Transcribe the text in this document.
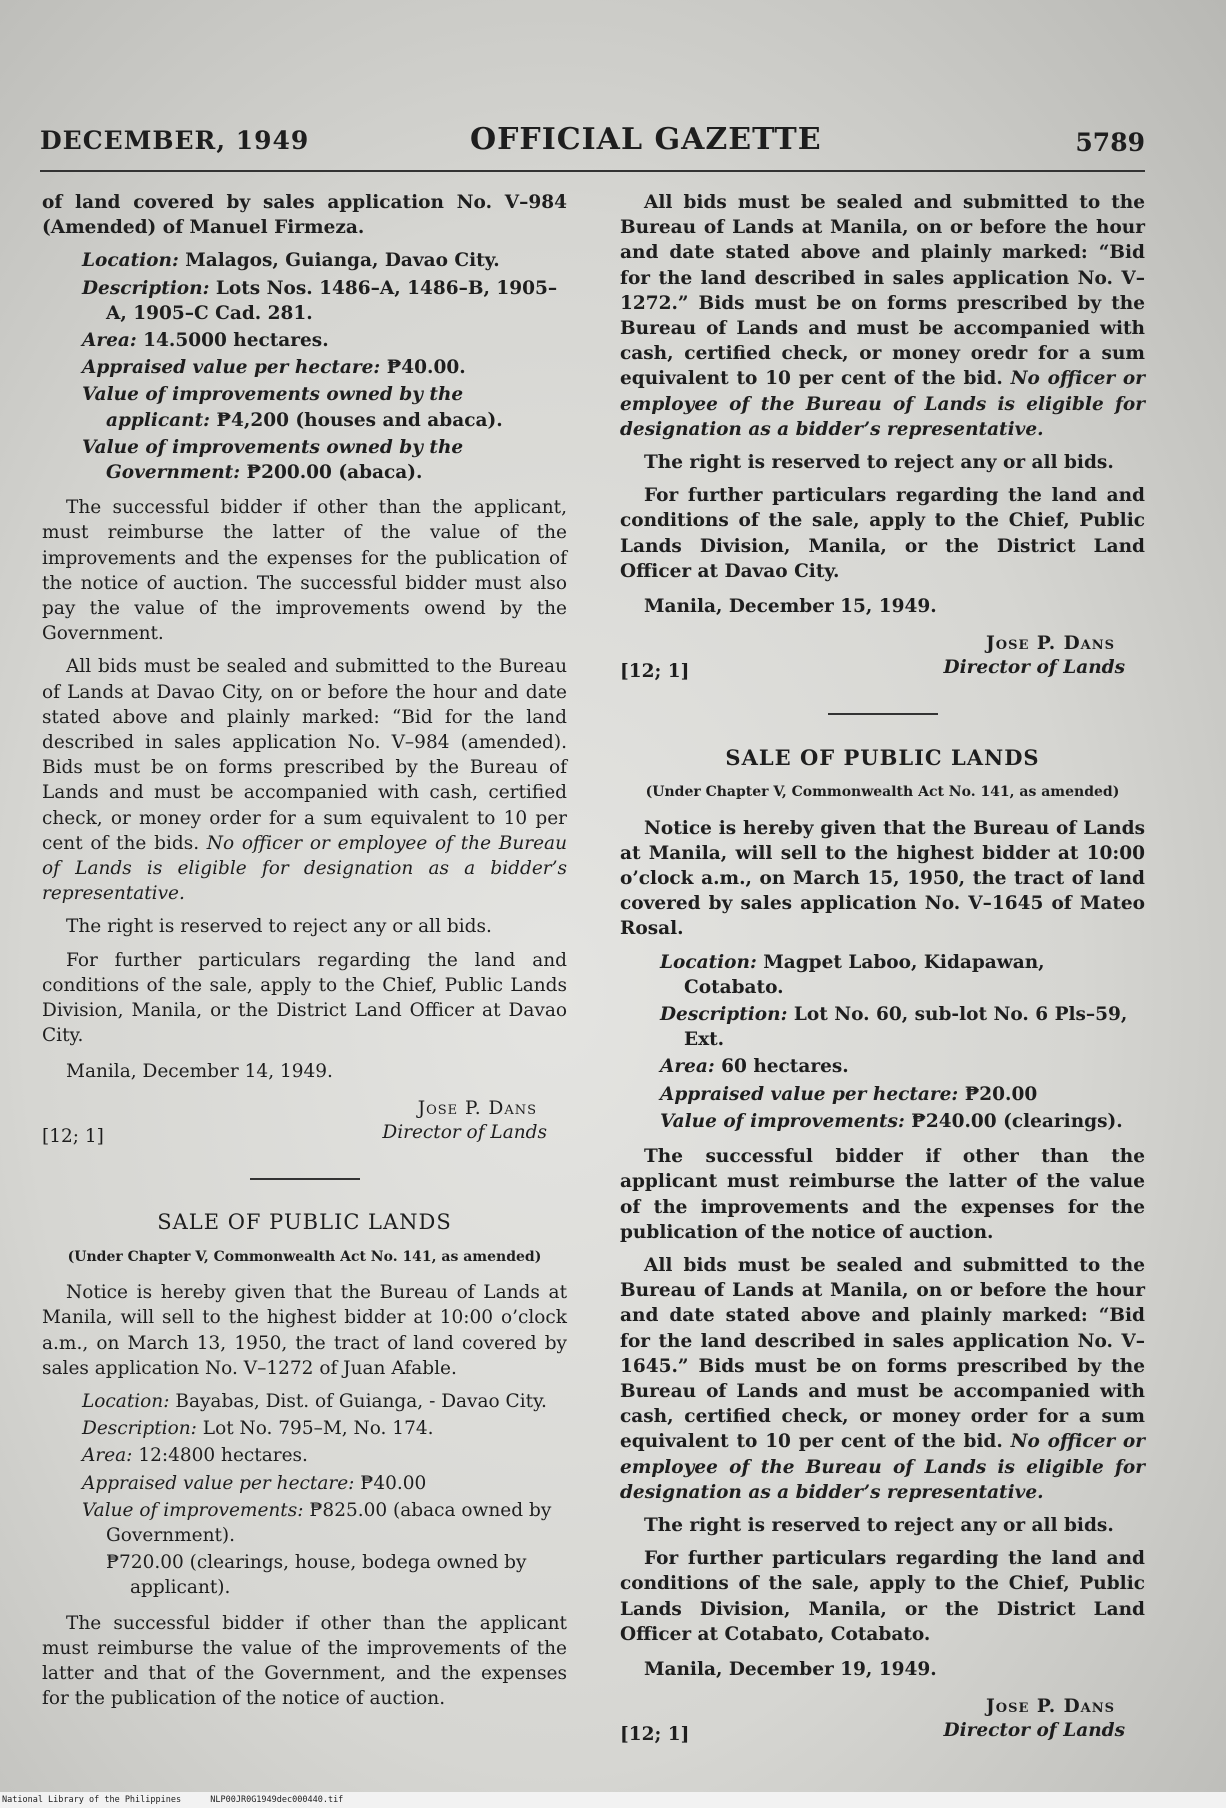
DECEMBER, 1949	OFFICIAL GAZETTE	5789

of land covered by sales application No. V–984 (Amended) of Manuel Firmeza.

Location: Malagos, Guianga, Davao City.
Description: Lots Nos. 1486–A, 1486–B, 1905–A, 1905–C Cad. 281.
Area: 14.5000 hectares.
Appraised value per hectare: ₱40.00.
Value of improvements owned by the applicant: ₱4,200 (houses and abaca).
Value of improvements owned by the Government: ₱200.00 (abaca).

The successful bidder if other than the applicant, must reimburse the latter of the value of the improvements and the expenses for the publication of the notice of auction. The successful bidder must also pay the value of the improvements owend by the Government.

All bids must be sealed and submitted to the Bureau of Lands at Davao City, on or before the hour and date stated above and plainly marked: “Bid for the land described in sales application No. V–984 (amended). Bids must be on forms prescribed by the Bureau of Lands and must be accompanied with cash, certified check, or money order for a sum equivalent to 10 per cent of the bids. No officer or employee of the Bureau of Lands is eligible for designation as a bidder’s representative.

The right is reserved to reject any or all bids.

For further particulars regarding the land and conditions of the sale, apply to the Chief, Public Lands Division, Manila, or the District Land Officer at Davao City.

Manila, December 14, 1949.
Jose P. Dans
Director of Lands
[12; 1]
SALE OF PUBLIC LANDS
(Under Chapter V, Commonwealth Act No. 141, as amended)

Notice is hereby given that the Bureau of Lands at Manila, will sell to the highest bidder at 10:00 o’clock a.m., on March 13, 1950, the tract of land covered by sales application No. V–1272 of Juan Afable.

Location: Bayabas, Dist. of Guianga, ‑ Davao City.
Description: Lot No. 795–M, No. 174.
Area: 12:4800 hectares.
Appraised value per hectare: ₱40.00
Value of improvements: ₱825.00 (abaca owned by Government).
₱720.00 (clearings, house, bodega owned by applicant).

The successful bidder if other than the applicant must reimburse the value of the improvements of the latter and that of the Government, and the expenses for the publication of the notice of auction.

All bids must be sealed and submitted to the Bureau of Lands at Manila, on or before the hour and date stated above and plainly marked: “Bid for the land described in sales application No. V–1272.” Bids must be on forms prescribed by the Bureau of Lands and must be accompanied with cash, certified check, or money oredr for a sum equivalent to 10 per cent of the bid. No officer or employee of the Bureau of Lands is eligible for designation as a bidder’s representative.

The right is reserved to reject any or all bids.

For further particulars regarding the land and conditions of the sale, apply to the Chief, Public Lands Division, Manila, or the District Land Officer at Davao City.

Manila, December 15, 1949.
Jose P. Dans
Director of Lands
[12; 1]
SALE OF PUBLIC LANDS
(Under Chapter V, Commonwealth Act No. 141, as amended)

Notice is hereby given that the Bureau of Lands at Manila, will sell to the highest bidder at 10:00 o’clock a.m., on March 15, 1950, the tract of land covered by sales application No. V–1645 of Mateo Rosal.

Location: Magpet Laboo, Kidapawan, Cotabato.
Description: Lot No. 60, sub-lot No. 6 Pls–59, Ext.
Area: 60 hectares.
Appraised value per hectare: ₱20.00
Value of improvements: ₱240.00 (clearings).

The successful bidder if other than the applicant must reimburse the latter of the value of the improvements and the expenses for the publication of the notice of auction.

All bids must be sealed and submitted to the Bureau of Lands at Manila, on or before the hour and date stated above and plainly marked: “Bid for the land described in sales application No. V–1645.” Bids must be on forms prescribed by the Bureau of Lands and must be accompanied with cash, certified check, or money order for a sum equivalent to 10 per cent of the bid. No officer or employee of the Bureau of Lands is eligible for designation as a bidder’s representative.

The right is reserved to reject any or all bids.

For further particulars regarding the land and conditions of the sale, apply to the Chief, Public Lands Division, Manila, or the District Land Officer at Cotabato, Cotabato.

Manila, December 19, 1949.
Jose P. Dans
Director of Lands
[12; 1]
National Library of the Philippines	NLP00JR0G1949dec000440.tif
